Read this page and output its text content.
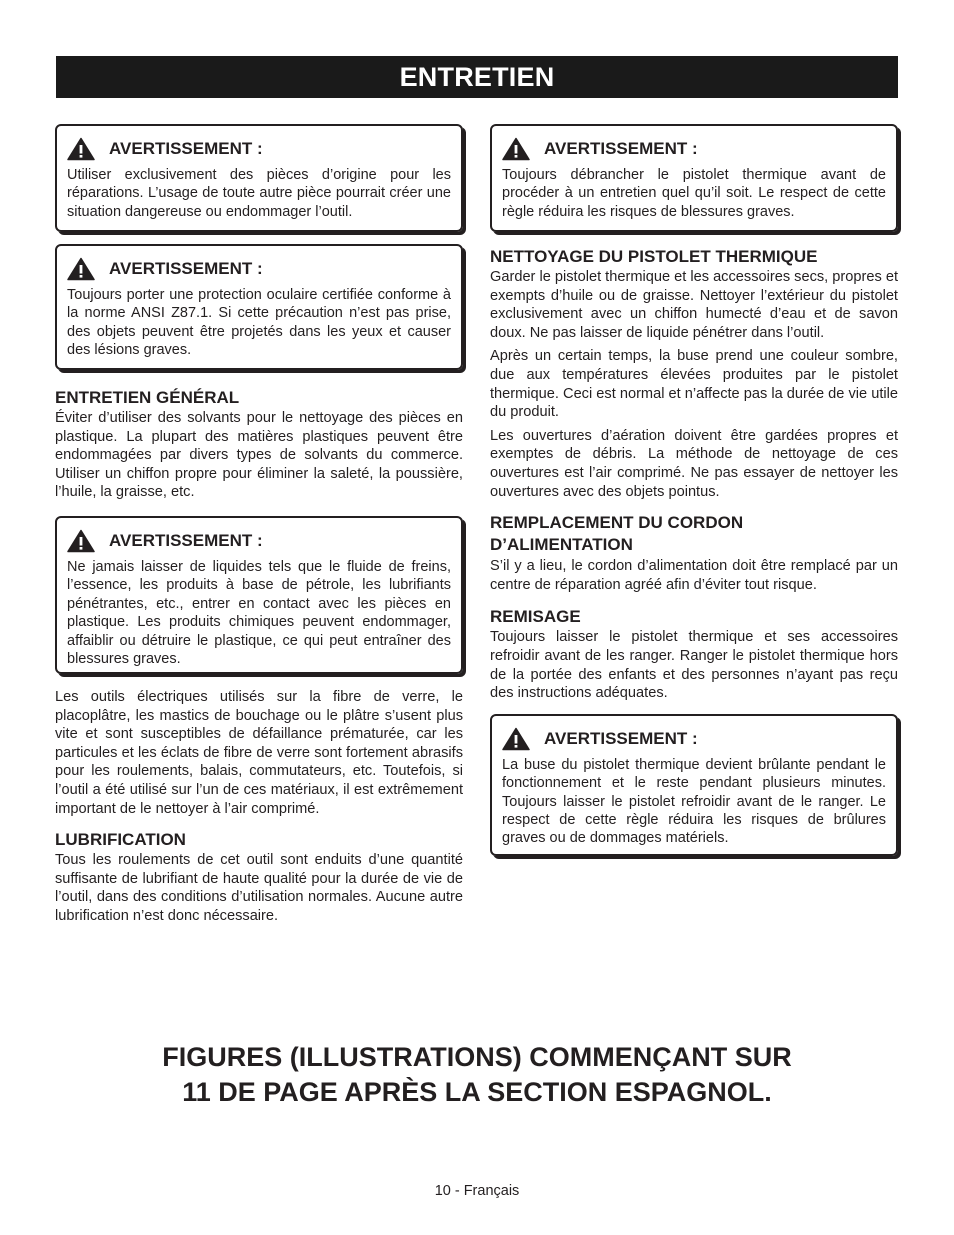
ENTRETIEN
AVERTISSEMENT :
Utiliser exclusivement des pièces d’origine pour les réparations. L’usage de toute autre pièce pourrait créer une situation dangereuse ou endommager l’outil.
AVERTISSEMENT :
Toujours porter une protection oculaire certifiée conforme à la norme ANSI Z87.1. Si cette précaution n’est pas prise, des objets peuvent être projetés dans les yeux et causer des lésions graves.
ENTRETIEN GÉNÉRAL

Éviter d’utiliser des solvants pour le nettoyage des pièces en plastique. La plupart des matières plastiques peuvent être endommagées par divers types de solvants du commerce. Utiliser un chiffon propre pour éliminer la saleté, la poussière, l’huile, la graisse, etc.

AVERTISSEMENT :
Ne jamais laisser de liquides tels que le fluide de freins, l’essence, les produits à base de pétrole, les lubrifiants pénétrantes, etc., entrer en contact avec les pièces en plastique. Les produits chimiques peuvent endommager, affaiblir ou détruire le plastique, ce qui peut entraîner des blessures graves.

Les outils électriques utilisés sur la fibre de verre, le placoplâtre, les mastics de bouchage ou le plâtre s’usent plus vite et sont susceptibles de défaillance prématurée, car les particules et les éclats de fibre de verre sont fortement abrasifs pour les roulements, balais, commutateurs, etc. Toutefois, si l’outil a été utilisé sur l’un de ces matériaux, il est extrêmement important de le nettoyer à l’air comprimé.

LUBRIFICATION

Tous les roulements de cet outil sont enduits d’une quantité suffisante de lubrifiant de haute qualité pour la durée de vie de l’outil, dans des conditions d’utilisation normales. Aucune autre lubrification n’est donc nécessaire.

AVERTISSEMENT :
Toujours débrancher le pistolet thermique avant de procéder à un entretien quel qu’il soit. Le respect de cette règle réduira les risques de blessures graves.
NETTOYAGE DU PISTOLET THERMIQUE

Garder le pistolet thermique et les accessoires secs, propres et exempts d’huile ou de graisse. Nettoyer l’extérieur du pistolet exclusivement avec un chiffon humecté d’eau et de savon doux. Ne pas laisser de liquide pénétrer dans l’outil.

Après un certain temps, la buse prend une couleur sombre, due aux températures élevées produites par le pistolet thermique. Ceci est normal et n’affecte pas la durée de vie utile du produit.

Les ouvertures d’aération doivent être gardées propres et exemptes de débris. La méthode de nettoyage de ces ouvertures est l’air comprimé. Ne pas essayer de nettoyer les ouvertures avec des objets pointus.

REMPLACEMENT DU CORDON
D’ALIMENTATION

S’il y a lieu, le cordon d’alimentation doit être remplacé par un centre de réparation agréé afin d’éviter tout risque.

REMISAGE

Toujours laisser le pistolet thermique et ses accessoires refroidir avant de les ranger. Ranger le pistolet thermique hors de la portée des enfants et des personnes n’ayant pas reçu des instructions adéquates.

AVERTISSEMENT :
La buse du pistolet thermique devient brûlante pendant le fonctionnement et le reste pendant plusieurs minutes. Toujours laisser le pistolet refroidir avant de le ranger. Le respect de cette règle réduira les risques de brûlures graves ou de dommages matériels.
FIGURES (ILLUSTRATIONS) COMMENÇANT SUR
11 DE PAGE APRÈS LA SECTION ESPAGNOL.
10 - Français
